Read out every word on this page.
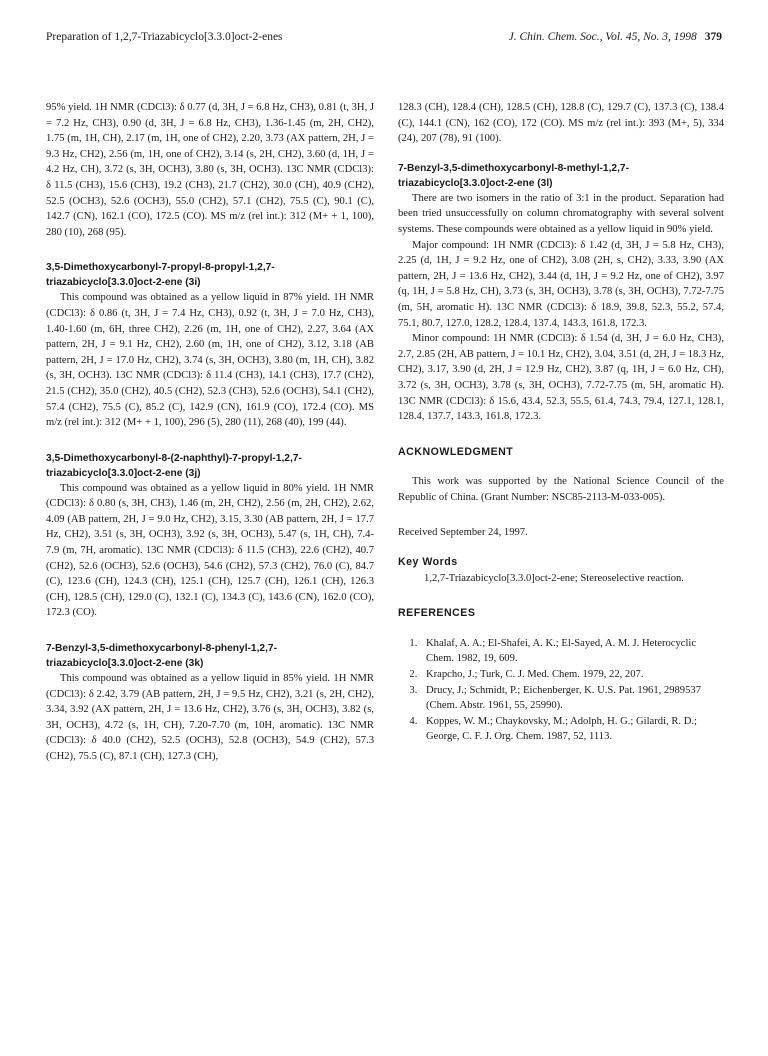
Preparation of 1,2,7-Triazabicyclo[3.3.0]oct-2-enes	J. Chin. Chem. Soc., Vol. 45, No. 3, 1998 379

95% yield. 1H NMR (CDCl3): δ 0.77 (d, 3H, J = 6.8 Hz, CH3), 0.81 (t, 3H, J = 7.2 Hz, CH3), 0.90 (d, 3H, J = 6.8 Hz, CH3), 1.36-1.45 (m, 2H, CH2), 1.75 (m, 1H, CH), 2.17 (m, 1H, one of CH2), 2.20, 3.73 (AX pattern, 2H, J = 9.3 Hz, CH2), 2.56 (m, 1H, one of CH2), 3.14 (s, 2H, CH2), 3.60 (d, 1H, J = 4.2 Hz, CH), 3.72 (s, 3H, OCH3), 3.80 (s, 3H, OCH3). 13C NMR (CDCl3): δ 11.5 (CH3), 15.6 (CH3), 19.2 (CH3), 21.7 (CH2), 30.0 (CH), 40.9 (CH2), 52.5 (OCH3), 52.6 (OCH3), 55.0 (CH2), 57.1 (CH2), 75.5 (C), 90.1 (C), 142.7 (CN), 162.1 (CO), 172.5 (CO). MS m/z (rel int.): 312 (M+ + 1, 100), 280 (10), 268 (95).

3,5-Dimethoxycarbonyl-7-propyl-8-propyl-1,2,7-triazabicyclo[3.3.0]oct-2-ene (3i)

This compound was obtained as a yellow liquid in 87% yield. 1H NMR (CDCl3): δ 0.86 (t, 3H, J = 7.4 Hz, CH3), 0.92 (t, 3H, J = 7.0 Hz, CH3), 1.40-1.60 (m, 6H, three CH2), 2.26 (m, 1H, one of CH2), 2.27, 3.64 (AX pattern, 2H, J = 9.1 Hz, CH2), 2.60 (m, 1H, one of CH2), 3.12, 3.18 (AB pattern, 2H, J = 17.0 Hz, CH2), 3.74 (s, 3H, OCH3), 3.80 (m, 1H, CH), 3.82 (s, 3H, OCH3). 13C NMR (CDCl3): δ 11.4 (CH3), 14.1 (CH3), 17.7 (CH2), 21.5 (CH2), 35.0 (CH2), 40.5 (CH2), 52.3 (CH3), 52.6 (OCH3), 54.1 (CH2), 57.4 (CH2), 75.5 (C), 85.2 (C), 142.9 (CN), 161.9 (CO), 172.4 (CO). MS m/z (rel int.): 312 (M+ + 1, 100), 296 (5), 280 (11), 268 (40), 199 (44).

3,5-Dimethoxycarbonyl-8-(2-naphthyl)-7-propyl-1,2,7-triazabicyclo[3.3.0]oct-2-ene (3j)

This compound was obtained as a yellow liquid in 80% yield. 1H NMR (CDCl3): δ 0.80 (s, 3H, CH3), 1.46 (m, 2H, CH2), 2.56 (m, 2H, CH2), 2.62, 4.09 (AB pattern, 2H, J = 9.0 Hz, CH2), 3.15, 3.30 (AB pattern, 2H, J = 17.7 Hz, CH2), 3.51 (s, 3H, OCH3), 3.92 (s, 3H, OCH3), 5.47 (s, 1H, CH), 7.4-7.9 (m, 7H, aromatic). 13C NMR (CDCl3): δ 11.5 (CH3), 22.6 (CH2), 40.7 (CH2), 52.6 (OCH3), 52.6 (OCH3), 54.6 (CH2), 57.3 (CH2), 76.0 (C), 84.7 (C), 123.6 (CH), 124.3 (CH), 125.1 (CH), 125.7 (CH), 126.1 (CH), 126.3 (CH), 128.5 (CH), 129.0 (C), 132.1 (C), 134.3 (C), 143.6 (CN), 162.0 (CO), 172.3 (CO).

7-Benzyl-3,5-dimethoxycarbonyl-8-phenyl-1,2,7-triazabicyclo[3.3.0]oct-2-ene (3k)

This compound was obtained as a yellow liquid in 85% yield. 1H NMR (CDCl3): δ 2.42, 3.79 (AB pattern, 2H, J = 9.5 Hz, CH2), 3.21 (s, 2H, CH2), 3.34, 3.92 (AX pattern, 2H, J = 13.6 Hz, CH2), 3.76 (s, 3H, OCH3), 3.82 (s, 3H, OCH3), 4.72 (s, 1H, CH), 7.20-7.70 (m, 10H, aromatic). 13C NMR (CDCl3): δ 40.0 (CH2), 52.5 (OCH3), 52.8 (OCH3), 54.9 (CH2), 57.3 (CH2), 75.5 (C), 87.1 (CH), 127.3 (CH),

128.3 (CH), 128.4 (CH), 128.5 (CH), 128.8 (C), 129.7 (C), 137.3 (C), 138.4 (C), 144.1 (CN), 162 (CO), 172 (CO). MS m/z (rel int.): 393 (M+, 5), 334 (24), 207 (78), 91 (100).

7-Benzyl-3,5-dimethoxycarbonyl-8-methyl-1,2,7-triazabicyclo[3.3.0]oct-2-ene (3l)

There are two isomers in the ratio of 3:1 in the product. Separation had been tried unsuccessfully on column chromatography with several solvent systems. These compounds were obtained as a yellow liquid in 90% yield.

Major compound: 1H NMR (CDCl3): δ 1.42 (d, 3H, J = 5.8 Hz, CH3), 2.25 (d, 1H, J = 9.2 Hz, one of CH2), 3.08 (2H, s, CH2), 3.33, 3.90 (AX pattern, 2H, J = 13.6 Hz, CH2), 3.44 (d, 1H, J = 9.2 Hz, one of CH2), 3.97 (q, 1H, J = 5.8 Hz, CH), 3.73 (s, 3H, OCH3), 3.78 (s, 3H, OCH3), 7.72-7.75 (m, 5H, aromatic H). 13C NMR (CDCl3): δ 18.9, 39.8, 52.3, 55.2, 57.4, 75.1, 80.7, 127.0, 128.2, 128.4, 137.4, 143.3, 161.8, 172.3.

Minor compound: 1H NMR (CDCl3): δ 1.54 (d, 3H, J = 6.0 Hz, CH3), 2.7, 2.85 (2H, AB pattern, J = 10.1 Hz, CH2), 3.04, 3.51 (d, 2H, J = 18.3 Hz, CH2), 3.17, 3.90 (d, 2H, J = 12.9 Hz, CH2), 3.87 (q, 1H, J = 6.0 Hz, CH), 3.72 (s, 3H, OCH3), 3.78 (s, 3H, OCH3), 7.72-7.75 (m, 5H, aromatic H). 13C NMR (CDCl3): δ 15.6, 43.4, 52.3, 55.5, 61.4, 74.3, 79.4, 127.1, 128.1, 128.4, 137.7, 143.3, 161.8, 172.3.

ACKNOWLEDGMENT

This work was supported by the National Science Council of the Republic of China. (Grant Number: NSC85-2113-M-033-005).

Received September 24, 1997.

Key Words

1,2,7-Triazabicyclo[3.3.0]oct-2-ene; Stereoselective reaction.

REFERENCES

1. Khalaf, A. A.; El-Shafei, A. K.; El-Sayed, A. M. J. Heterocyclic Chem. 1982, 19, 609.
2. Krapcho, J.; Turk, C. J. Med. Chem. 1979, 22, 207.
3. Drucy, J.; Schmidt, P.; Eichenberger, K. U.S. Pat. 1961, 2989537 (Chem. Abstr. 1961, 55, 25990).
4. Koppes, W. M.; Chaykovsky, M.; Adolph, H. G.; Gilardi, R. D.; George, C. F. J. Org. Chem. 1987, 52, 1113.
